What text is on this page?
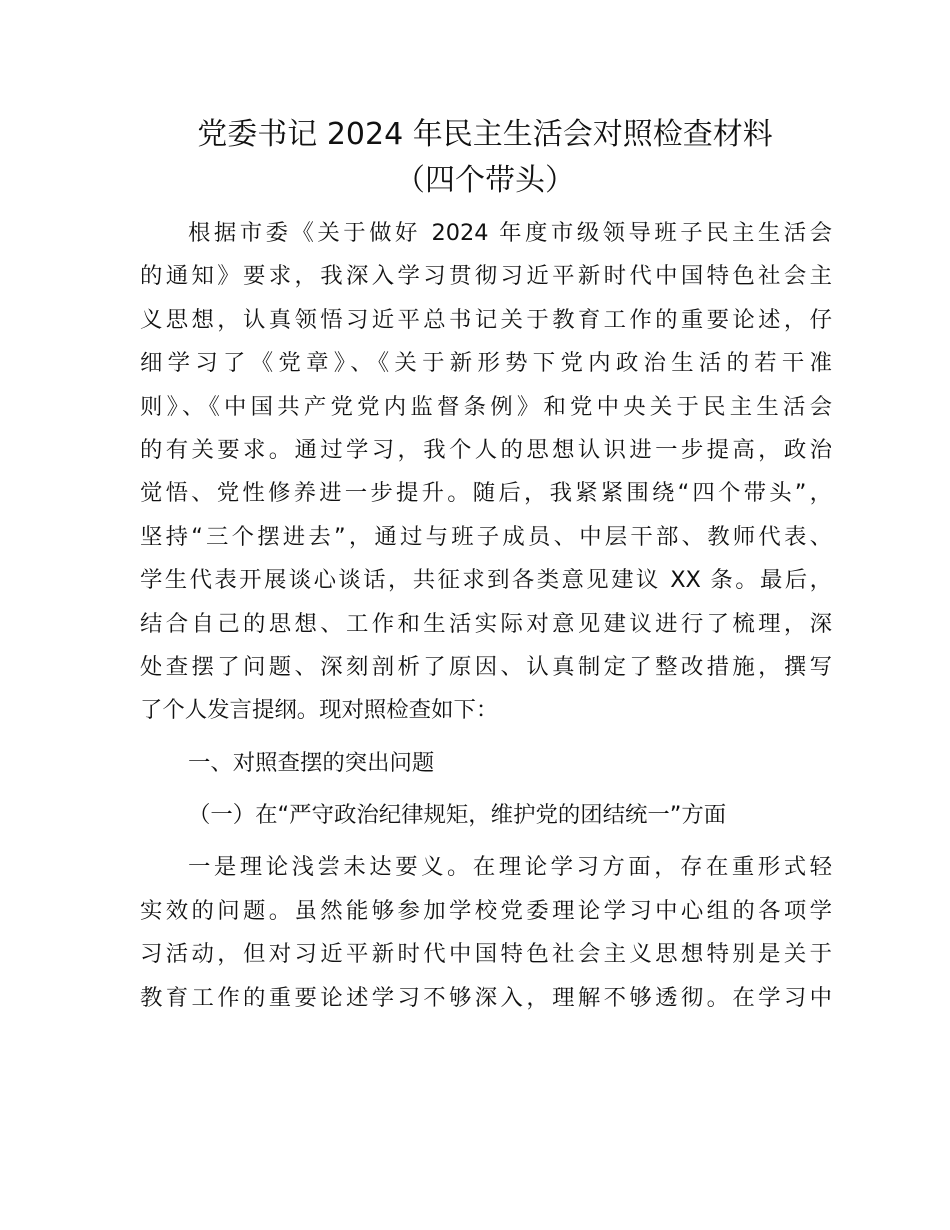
党委书记 2024 年民主生活会对照检查材料
（四个带头）
根据市委《关于做好 2024 年度市级领导班子民主生活会
的通知》要求，我深入学习贯彻习近平新时代中国特色社会主
义思想，认真领悟习近平总书记关于教育工作的重要论述，仔
细学习了《党章》、《关于新形势下党内政治生活的若干准
则》、《中国共产党党内监督条例》和党中央关于民主生活会
的有关要求。通过学习，我个人的思想认识进一步提高，政治
觉悟、党性修养进一步提升。随后，我紧紧围绕“四个带头”，
坚持“三个摆进去”，通过与班子成员、中层干部、教师代表、
学生代表开展谈心谈话，共征求到各类意见建议 XX 条。最后，
结合自己的思想、工作和生活实际对意见建议进行了梳理，深
处查摆了问题、深刻剖析了原因、认真制定了整改措施，撰写
了个人发言提纲。现对照检查如下：
一、对照查摆的突出问题
（一）在“严守政治纪律规矩，维护党的团结统一”方面
一是理论浅尝未达要义。在理论学习方面，存在重形式轻
实效的问题。虽然能够参加学校党委理论学习中心组的各项学
习活动，但对习近平新时代中国特色社会主义思想特别是关于
教育工作的重要论述学习不够深入，理解不够透彻。在学习中
